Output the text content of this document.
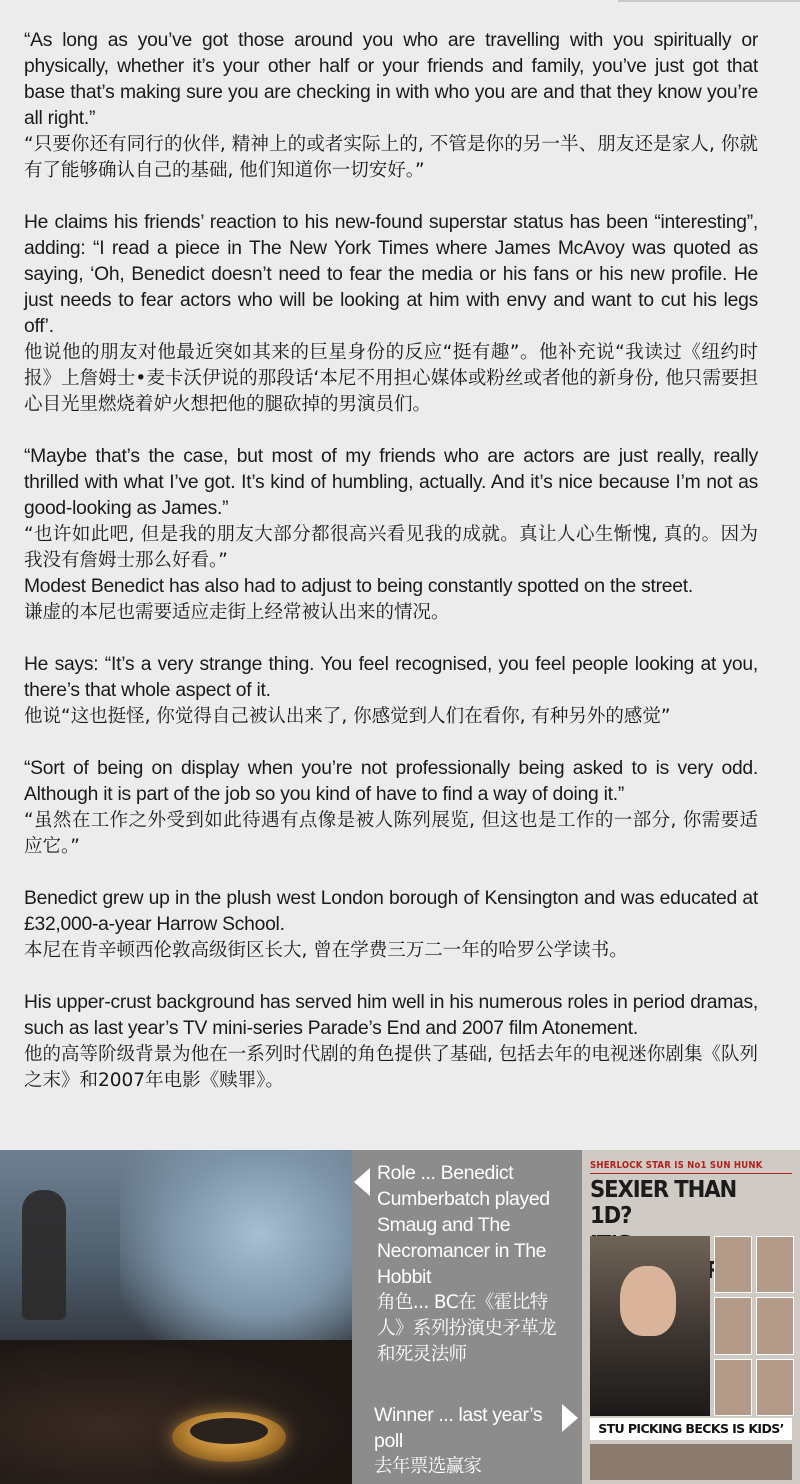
“As long as you’ve got those around you who are travelling with you spiritually or physically, whether it’s your other half or your friends and family, you’ve just got that base that’s making sure you are checking in with who you are and that they know you’re all right.”

“只要你还有同行的伙伴, 精神上的或者实际上的, 不管是你的另一半、朋友还是家人, 你就有了能够确认自己的基础, 他们知道你一切安好。”

He claims his friends’ reaction to his new-found superstar status has been “interesting”, adding: “I read a piece in The New York Times where James McAvoy was quoted as saying, ‘Oh, Benedict doesn’t need to fear the media or his fans or his new profile. He just needs to fear actors who will be looking at him with envy and want to cut his legs off’.

他说他的朋友对他最近突如其来的巨星身份的反应“挺有趣”。他补充说“我读过《纽约时报》上詹姆士•麦卡沃伊说的那段话‘本尼不用担心媒体或粉丝或者他的新身份, 他只需要担心目光里燃烧着妒火想把他的腿砍掉的男演员们。

“Maybe that’s the case, but most of my friends who are actors are just really, really thrilled with what I’ve got. It’s kind of humbling, actually. And it’s nice because I’m not as good-looking as James.”

“也许如此吧, 但是我的朋友大部分都很高兴看见我的成就。真让人心生惭愧, 真的。因为我没有詹姆士那么好看。”

Modest Benedict has also had to adjust to being constantly spotted on the street.

谦虚的本尼也需要适应走街上经常被认出来的情况。

He says: “It’s a very strange thing. You feel recognised, you feel people looking at you, there’s that whole aspect of it.

他说“这也挺怪, 你觉得自己被认出来了, 你感觉到人们在看你, 有种另外的感觉”

“Sort of being on display when you’re not professionally being asked to is very odd. Although it is part of the job so you kind of have to find a way of doing it.”

“虽然在工作之外受到如此待遇有点像是被人陈列展览, 但这也是工作的一部分, 你需要适应它。”

Benedict grew up in the plush west London borough of Kensington and was educated at £32,000-a-year Harrow School.

本尼在肯辛顿西伦敦高级街区长大, 曾在学费三万二一年的哈罗公学读书。

His upper-crust background has served him well in his numerous roles in period dramas, such as last year’s TV mini-series Parade’s End and 2007 film Atonement.

他的高等阶级背景为他在一系列时代剧的角色提供了基础, 包括去年的电视迷你剧集《队列之末》和2007年电影《赎罪》。

Role ... Benedict Cumberbatch played Smaug and The Necromancer in The Hobbit

角色... BC在《霍比特人》系列扮演史矛革龙和死灵法师

Winner ... last year’s poll

去年票选赢家

SHERLOCK STAR IS No1 SUN HUNK
SEXIER THAN 1D?
STU PICKING BECKS IS KIDS’
